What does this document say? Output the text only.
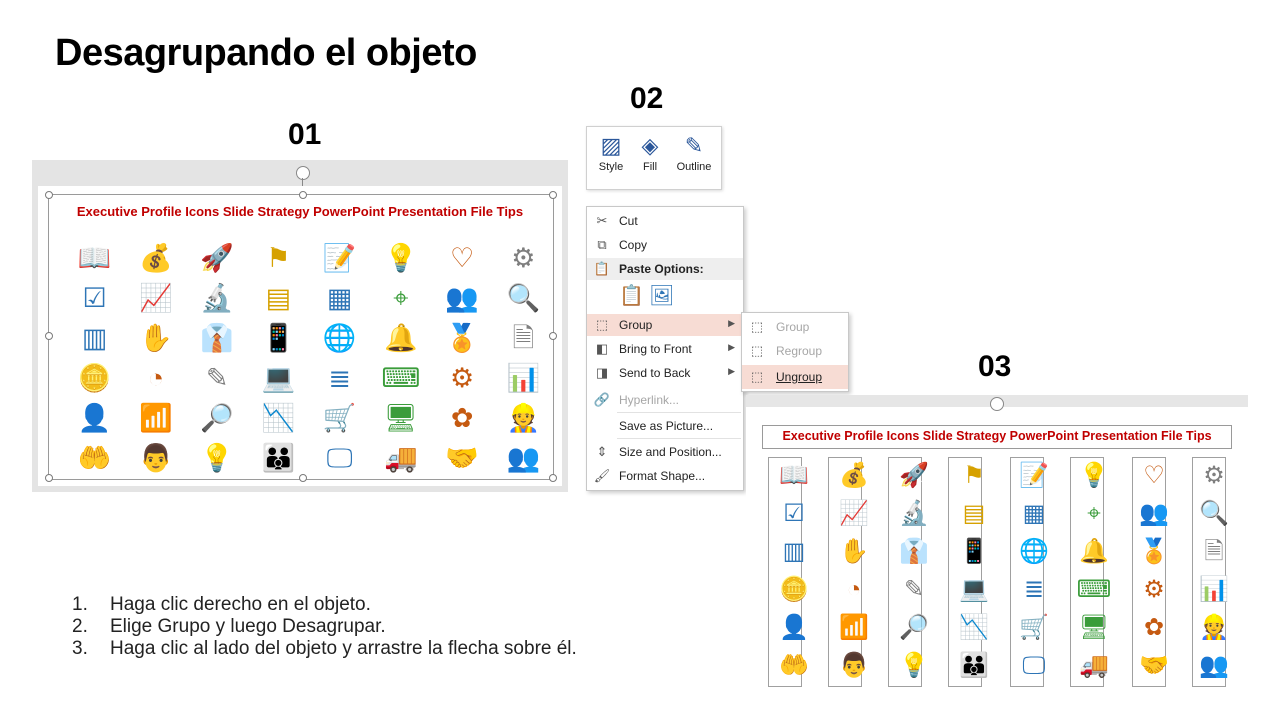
Desagrupando el objeto
01
02
03
Executive Profile Icons Slide Strategy PowerPoint Presentation File Tips
📖	💰	🚀	⚑	📝	💡	♡	⚙
☑	📈	🔬	▤	▦	⌖	👥	🔍
▥	✋	👔	📱	🌐	🔔	🏅	🗎
🪙	◔	✎	💻	≣	⌨	⚙	📊
👤	📶	🔎	📉	🛒	🖥	✿	👷
🤲	👨	💡	👪	🖵	🚚	🤝	👥
▨
Style
◈
Fill
✎
Outline
✂ Cut
⧉	Copy
📋 Paste Options:
📋 🖼
⬚ Group	▶
◧ Bring to Front	▶
◨ Send to Back	▶
🔗 Hyperlink...
Save as Picture...
⇕ Size and Position...
🖌 Format Shape...
⬚ Group
⬚ Regroup
⬚ Ungroup
Executive Profile Icons Slide Strategy PowerPoint Presentation File Tips
📖	💰	🚀	⚑	📝	💡	♡	⚙
☑	📈	🔬	▤	▦	⌖	👥	🔍
▥	✋	👔	📱	🌐	🔔	🏅	🗎
🪙	◔	✎	💻	≣	⌨	⚙	📊
👤	📶	🔎	📉	🛒	🖥	✿	👷
🤲	👨	💡	👪	🖵	🚚	🤝	👥
1. Haga clic derecho en el objeto.
2. Elige Grupo y luego Desagrupar.
3. Haga clic al lado del objeto y arrastre la flecha sobre él.
